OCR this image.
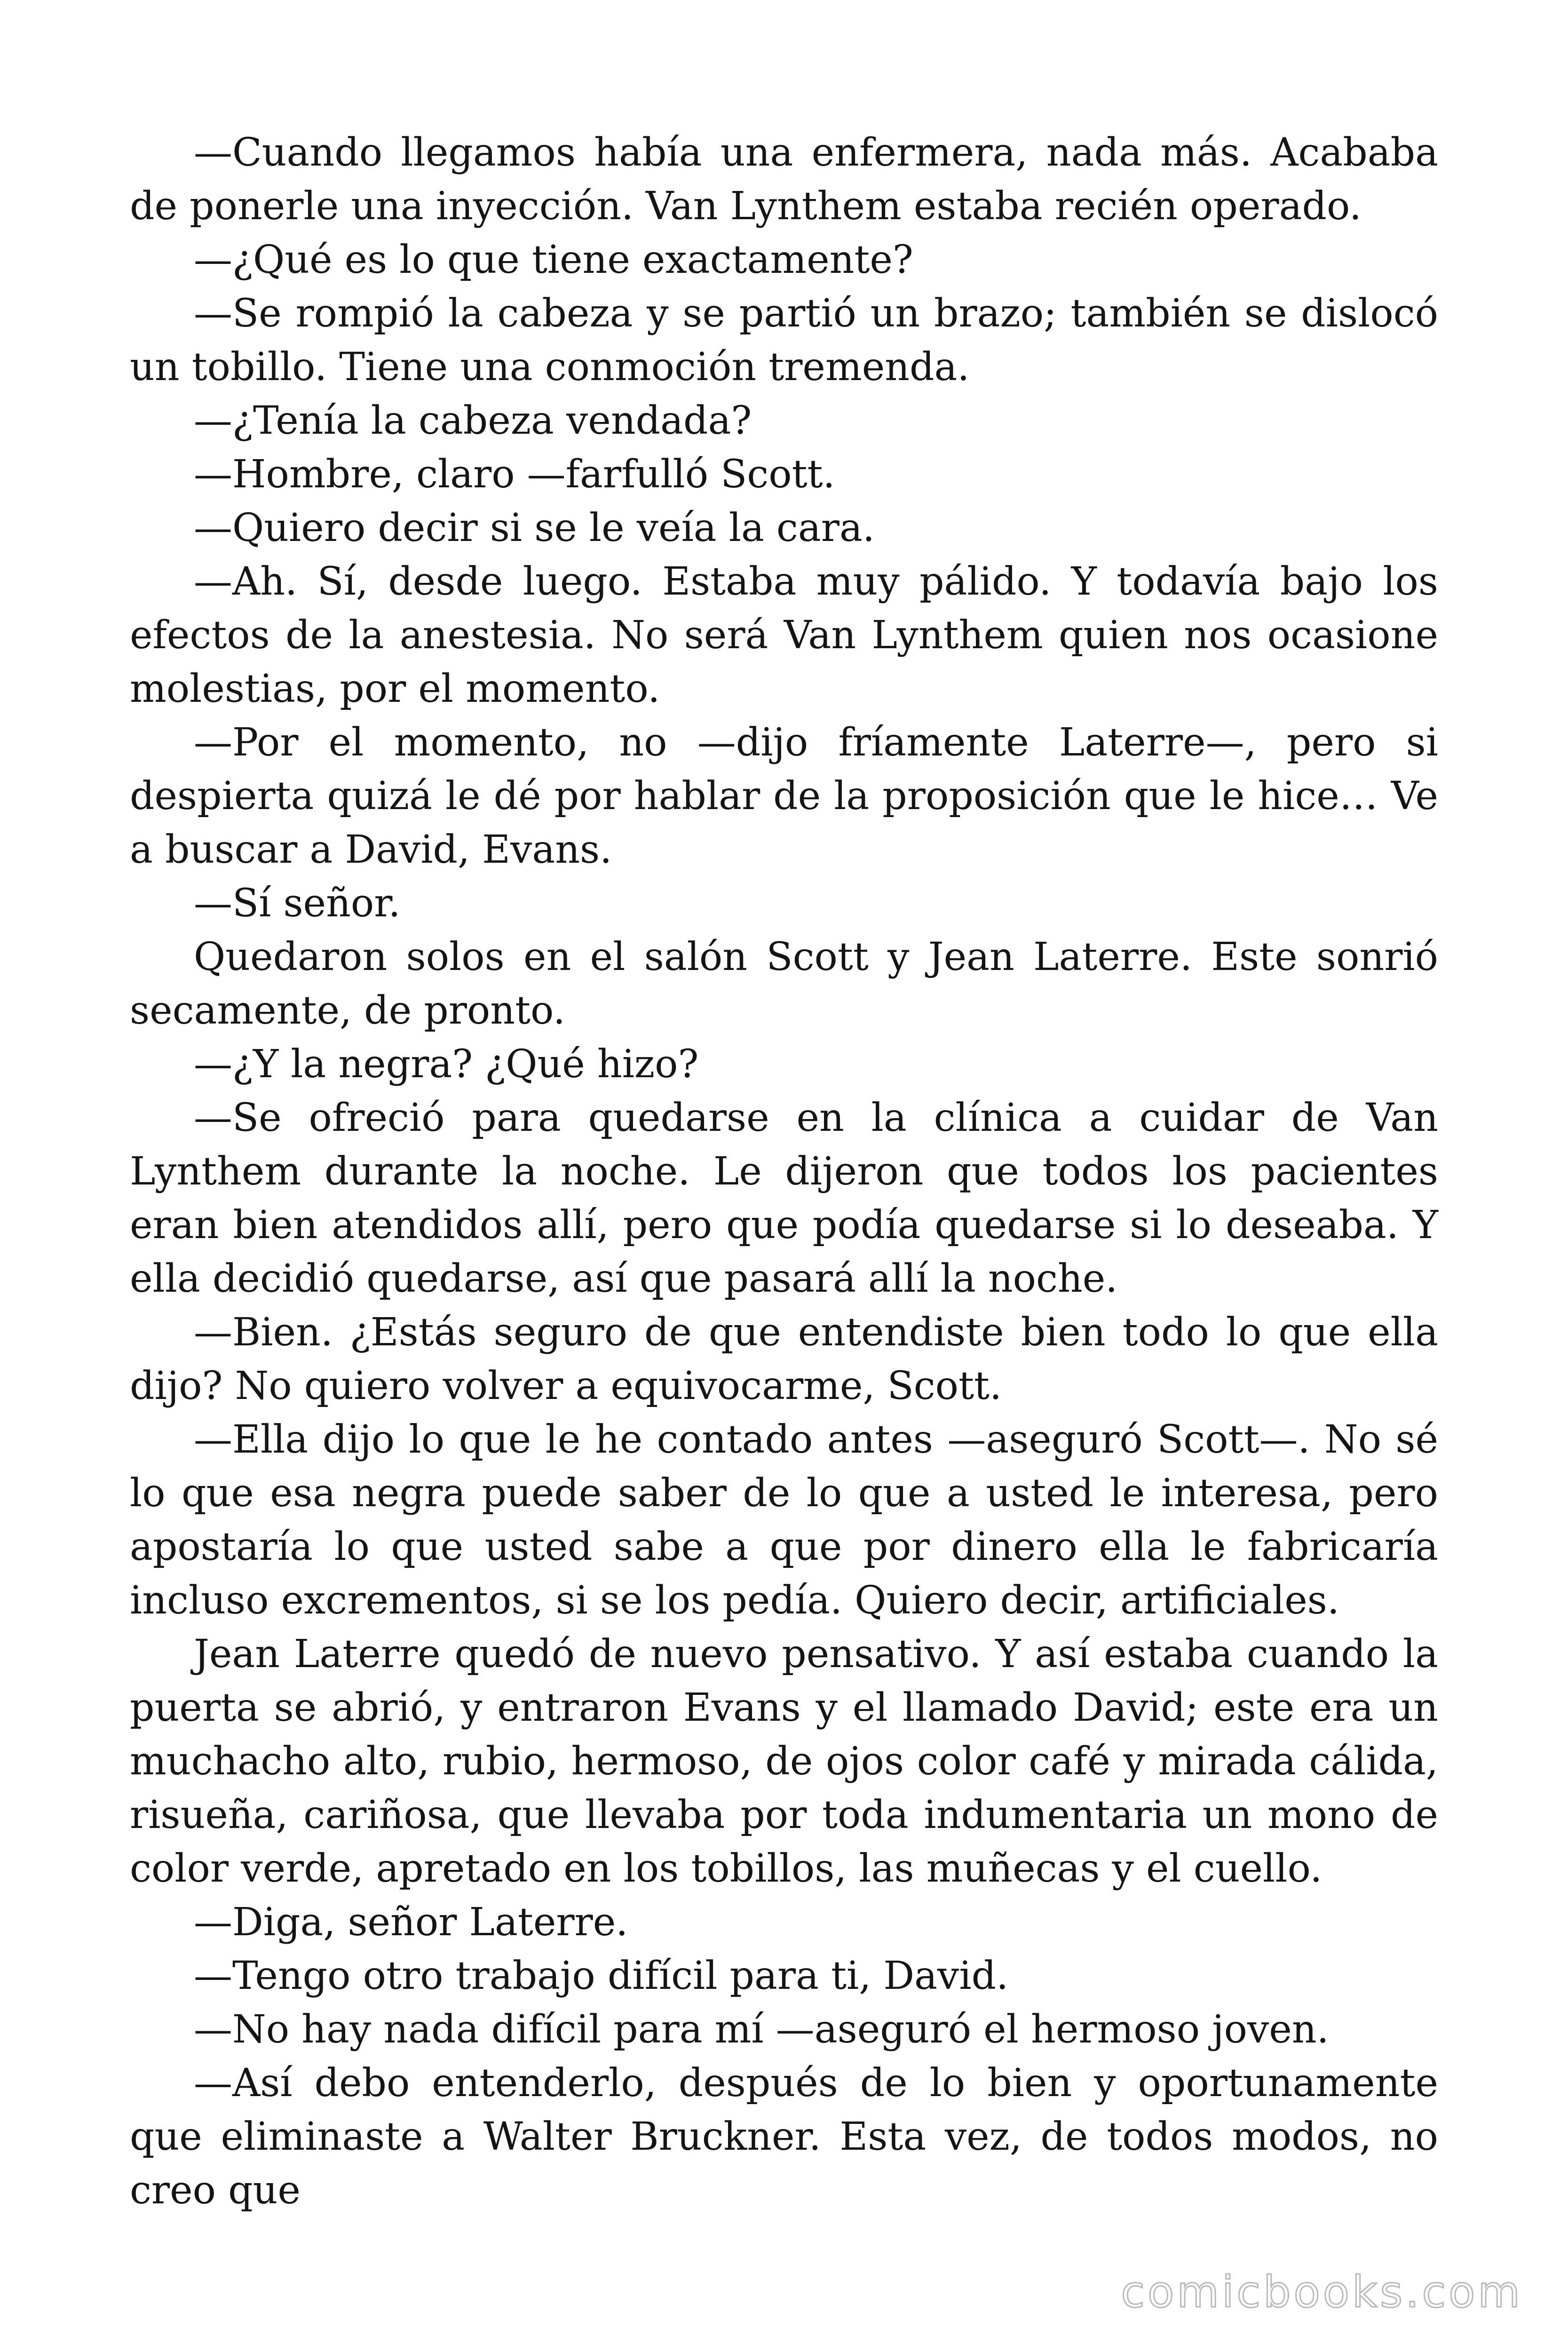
—Cuando llegamos había una enfermera, nada más. Acababa de ponerle una inyección. Van Lynthem estaba recién operado.

—¿Qué es lo que tiene exactamente?

—Se rompió la cabeza y se partió un brazo; también se dislocó un tobillo. Tiene una conmoción tremenda.

—¿Tenía la cabeza vendada?

—Hombre, claro —farfulló Scott.

—Quiero decir si se le veía la cara.

—Ah. Sí, desde luego. Estaba muy pálido. Y todavía bajo los efectos de la anestesia. No será Van Lynthem quien nos ocasione molestias, por el momento.

—Por el momento, no —dijo fríamente Laterre—, pero si despierta quizá le dé por hablar de la proposición que le hice… Ve a buscar a David, Evans.

—Sí señor.

Quedaron solos en el salón Scott y Jean Laterre. Este sonrió secamente, de pronto.

—¿Y la negra? ¿Qué hizo?

—Se ofreció para quedarse en la clínica a cuidar de Van Lynthem durante la noche. Le dijeron que todos los pacientes eran bien atendidos allí, pero que podía quedarse si lo deseaba. Y ella decidió quedarse, así que pasará allí la noche.

—Bien. ¿Estás seguro de que entendiste bien todo lo que ella dijo? No quiero volver a equivocarme, Scott.

—Ella dijo lo que le he contado antes —aseguró Scott—. No sé lo que esa negra puede saber de lo que a usted le interesa, pero apostaría lo que usted sabe a que por dinero ella le fabricaría incluso excrementos, si se los pedía. Quiero decir, artificiales.

Jean Laterre quedó de nuevo pensativo. Y así estaba cuando la puerta se abrió, y entraron Evans y el llamado David; este era un muchacho alto, rubio, hermoso, de ojos color café y mirada cálida, risueña, cariñosa, que llevaba por toda indumentaria un mono de color verde, apretado en los tobillos, las muñecas y el cuello.

—Diga, señor Laterre.

—Tengo otro trabajo difícil para ti, David.

—No hay nada difícil para mí —aseguró el hermoso joven.

—Así debo entenderlo, después de lo bien y oportunamente que eliminaste a Walter Bruckner. Esta vez, de todos modos, no creo que

comicbooks.com
